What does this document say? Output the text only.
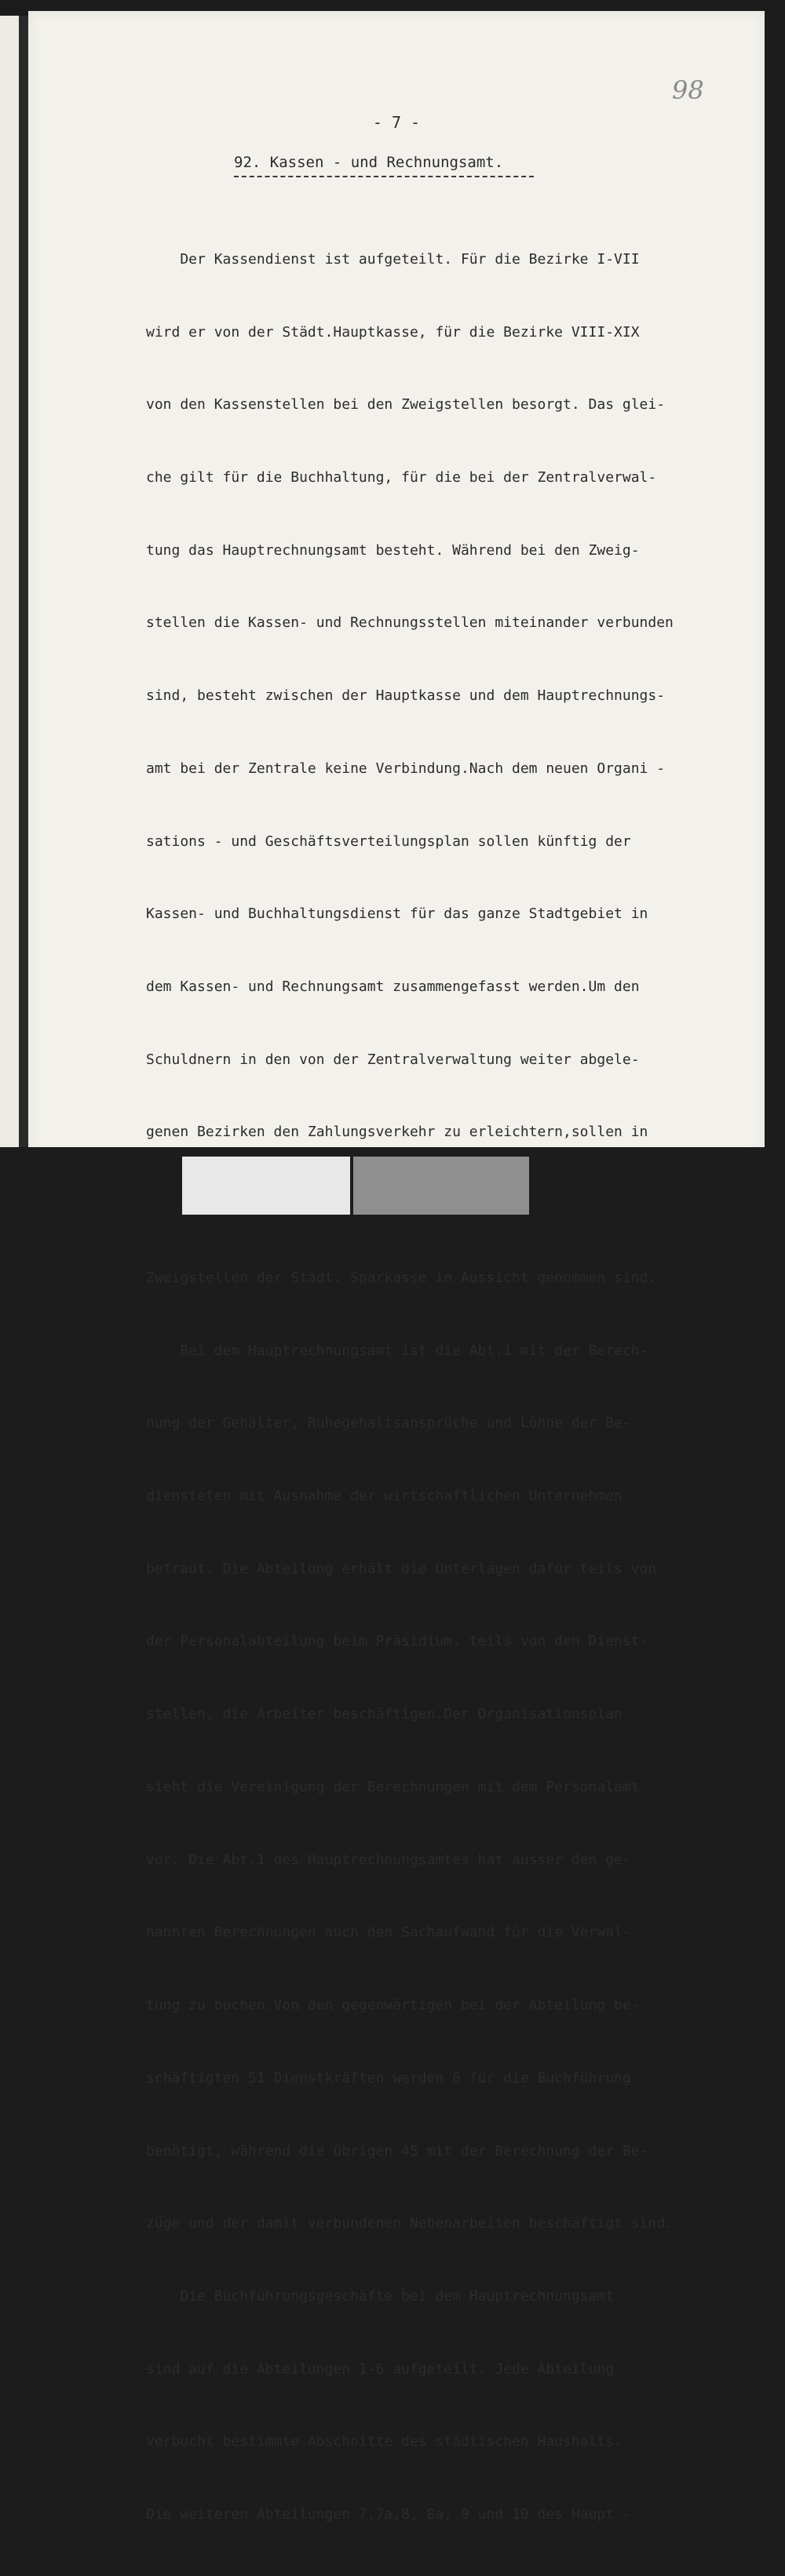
98
- 7 -
92. Kassen - und Rechnungsamt.

Der Kassendienst ist aufgeteilt. Für die Bezirke I-VII

wird er von der Städt.Hauptkasse, für die Bezirke VIII-XIX

von den Kassenstellen bei den Zweigstellen besorgt. Das glei-

che gilt für die Buchhaltung, für die bei der Zentralverwal-

tung das Hauptrechnungsamt besteht. Während bei den Zweig-

stellen die Kassen- und Rechnungsstellen miteinander verbunden

sind, besteht zwischen der Hauptkasse und dem Hauptrechnungs-

amt bei der Zentrale keine Verbindung.Nach dem neuen Organi -

sations - und Geschäftsverteilungsplan sollen künftig der

Kassen- und Buchhaltungsdienst für das ganze Stadtgebiet in

dem Kassen- und Rechnungsamt zusammengefasst werden.Um den

Schuldnern in den von der Zentralverwaltung weiter abgele-

genen Bezirken den Zahlungsverkehr zu erleichtern,sollen in

Zweigstellen der Städt. Sparkasse in Aussicht genommen sind.

Bei dem Hauptrechnungsamt ist die Abt.1 mit der Berech-

nung der Gehälter, Ruhegehaltsansprüche und Löhne der Be-

diensteten mit Ausnahme der wirtschaftlichen Unternehmen

betraut. Die Abteilung erhält die Unterlagen dafür teils von

der Personalabteilung beim Präsidium, teils von den Dienst-

stellen, die Arbeiter beschäftigen.Der Organisationsplan

sieht die Vereinigung der Berechnungen mit dem Personalamt

vor. Die Abt.1 des Hauptrechnungsamtes hat ausser den ge-

nannten Berechnungen auch den Sachaufwand für die Verwal-

tung zu buchen.Von den gegenwärtigen bei der Abteilung be-

schäftigten 51 Dienstkräften werden 6 für die Buchführung

benötigt, während die übrigen 45 mit der Berechnung der Be-

züge und der damit verbundenen Nebenarbeiten beschäftigt sind.

Die Buchführungsgeschäfte bei dem Hauptrechnungsamt

sind auf die Abteilungen 1-6 aufgeteilt. Jede Abteilung

verbucht bestimmte Abschnitte des städtischen Haushalts.

Die weiteren Abteilungen 7,7a,8, 8a, 9 und 10 des Haupt -
